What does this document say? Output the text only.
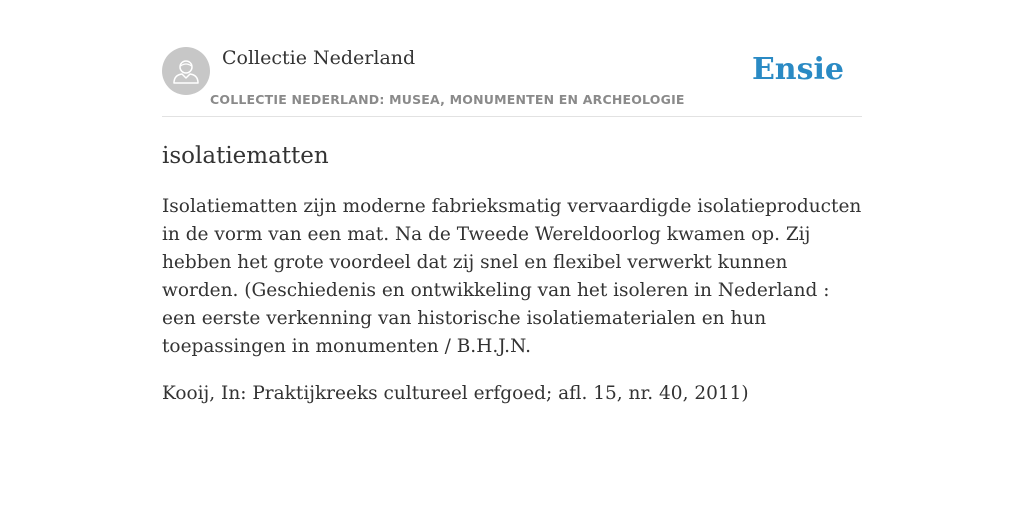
Collectie Nederland
COLLECTIE NEDERLAND: MUSEA, MONUMENTEN EN ARCHEOLOGIE
Ensie
isolatiematten

Isolatiematten zijn moderne fabrieksmatig vervaardigde isolatieproducten in de vorm van een mat. Na de Tweede Wereldoorlog kwamen op. Zij hebben het grote voordeel dat zij snel en flexibel verwerkt kunnen worden. (Geschiedenis en ontwikkeling van het isoleren in Nederland : een eerste verkenning van historische isolatiematerialen en hun toepassingen in monumenten / B.H.J.N.

Kooij, In: Praktijkreeks cultureel erfgoed; afl. 15, nr. 40, 2011)
